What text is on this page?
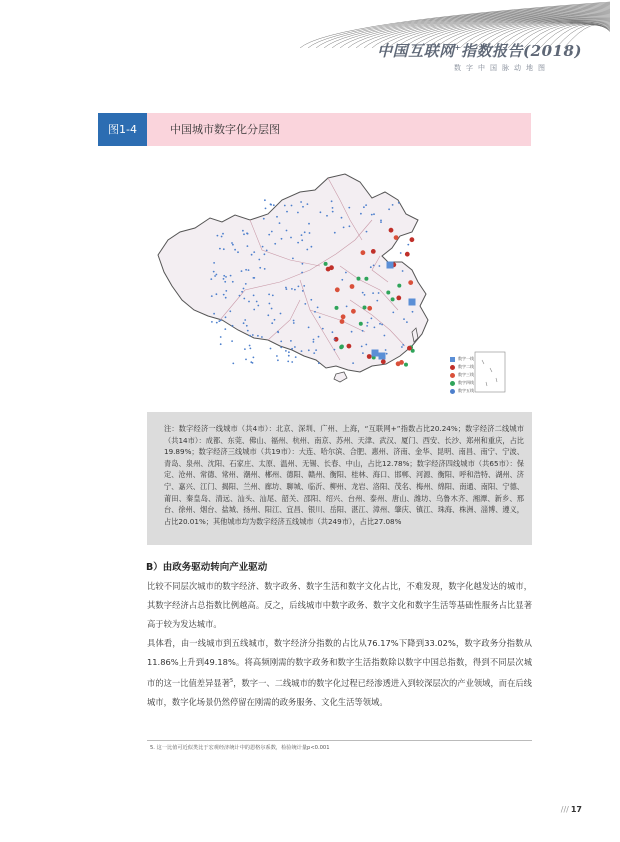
中国互联网+指数报告(2018)
数字中国脉动地图
图1-4	中国城市数字化分层图
数字一线
数字二线
数字三线
数字四线
数字五线
注：数字经济一线城市（共4市）：北京、深圳、广州、上海，“互联网+”指数占比20.24%；数字经济二线城市（共14市）：成都、东莞、佛山、福州、杭州、南京、苏州、天津、武汉、厦门、西安、长沙、郑州和重庆，占比19.89%；数字经济三线城市（共19市）：大连、哈尔滨、合肥、惠州、济南、金华、昆明、南昌、南宁、宁波、青岛、泉州、沈阳、石家庄、太原、温州、无锡、长春、中山，占比12.78%；数字经济四线城市（共65市）：保定、沧州、常德、常州、潮州、郴州、德阳、赣州、衡阳、桂林、海口、邯郸、河源、衡阳、呼和浩特、湖州、济宁、嘉兴、江门、揭阳、兰州、廊坊、聊城、临沂、柳州、龙岩、洛阳、茂名、梅州、绵阳、南通、南阳、宁德、莆田、秦皇岛、清远、汕头、汕尾、韶关、邵阳、绍兴、台州、泰州、唐山、潍坊、乌鲁木齐、湘潭、新乡、邢台、徐州、烟台、盐城、扬州、阳江、宜昌、银川、岳阳、湛江、漳州、肇庆、镇江、珠海、株洲、淄博、遵义，占比20.01%；其他城市均为数字经济五线城市（共249市），占比27.08%
B）由政务驱动转向产业驱动
比较不同层次城市的数字经济、数字政务、数字生活和数字文化占比，不难发现，数字化越发达的城市，其数字经济占总指数比例越高。反之，后线城市中数字政务、数字文化和数字生活等基础性服务占比显著高于较为发达城市。
具体看，由一线城市到五线城市，数字经济分指数的占比从76.17%下降到33.02%，数字政务分指数从11.86%上升到49.18%。将高频刚需的数字政务和数字生活指数除以数字中国总指数，得到不同层次城市的这一比值差异显著$^5$，数字一、二线城市的数字化过程已经渗透进入到较深层次的产业领域，而在后线城市，数字化场景仍然停留在刚需的政务服务、文化生活等领域。
5. 这一比值可近似类比于宏观经济统计中的恩格尔系数，检验统计量p<0.001
/// 17
